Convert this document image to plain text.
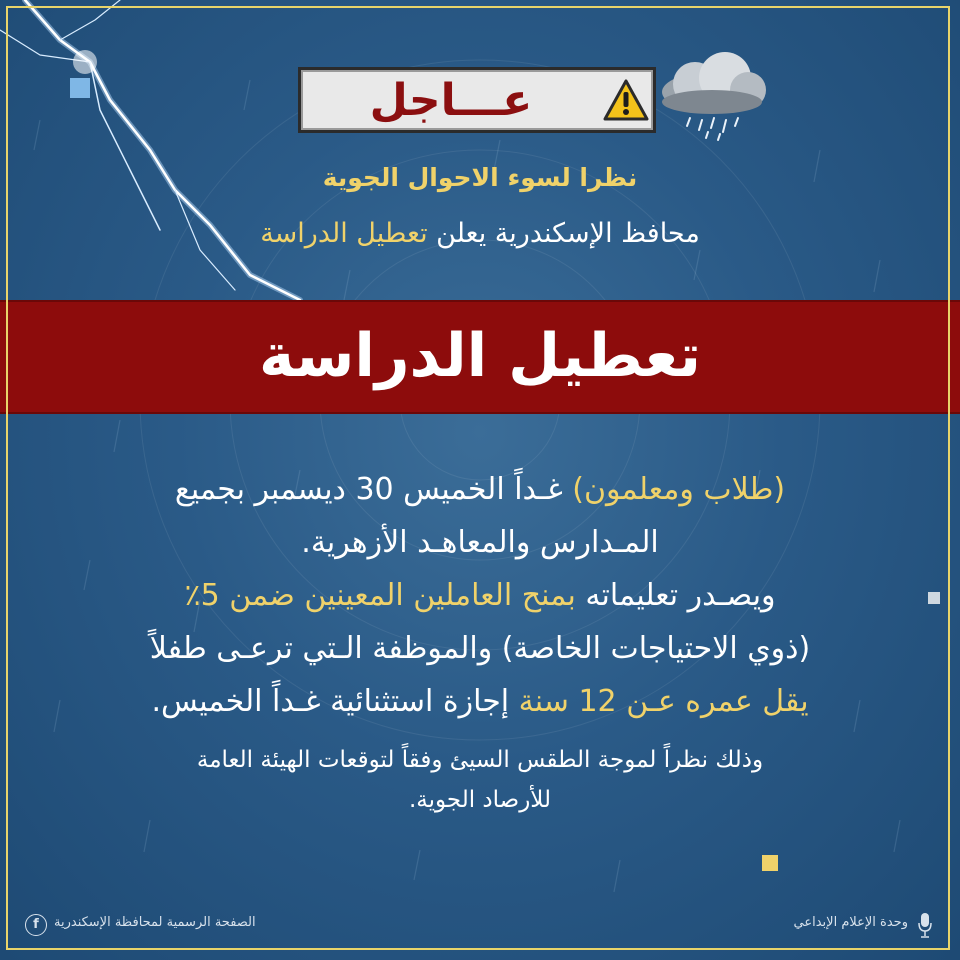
عـــاجل
نظرا لسوء الاحوال الجوية
محافظ الإسكندرية يعلن تعطيل الدراسة
تعطيل الدراسة

(طلاب ومعلمون) غـداً الخميس 30 ديسمبر بجميع

المـدارس والمعاهـد الأزهرية.

ويصـدر تعليماته بمنح العاملين المعينين ضمن 5٪

(ذوي الاحتياجات الخاصة) والموظفة الـتي ترعـى طفلاً

يقل عمره عـن 12 سنة إجازة استثنائية غـداً الخميس.

وذلك نظراً لموجة الطقس السيئ وفقاً لتوقعات الهيئة العامة
للأرصاد الجوية.
f	الصفحة الرسمية لمحافظة الإسكندرية	وحدة الإعلام الإبداعي
